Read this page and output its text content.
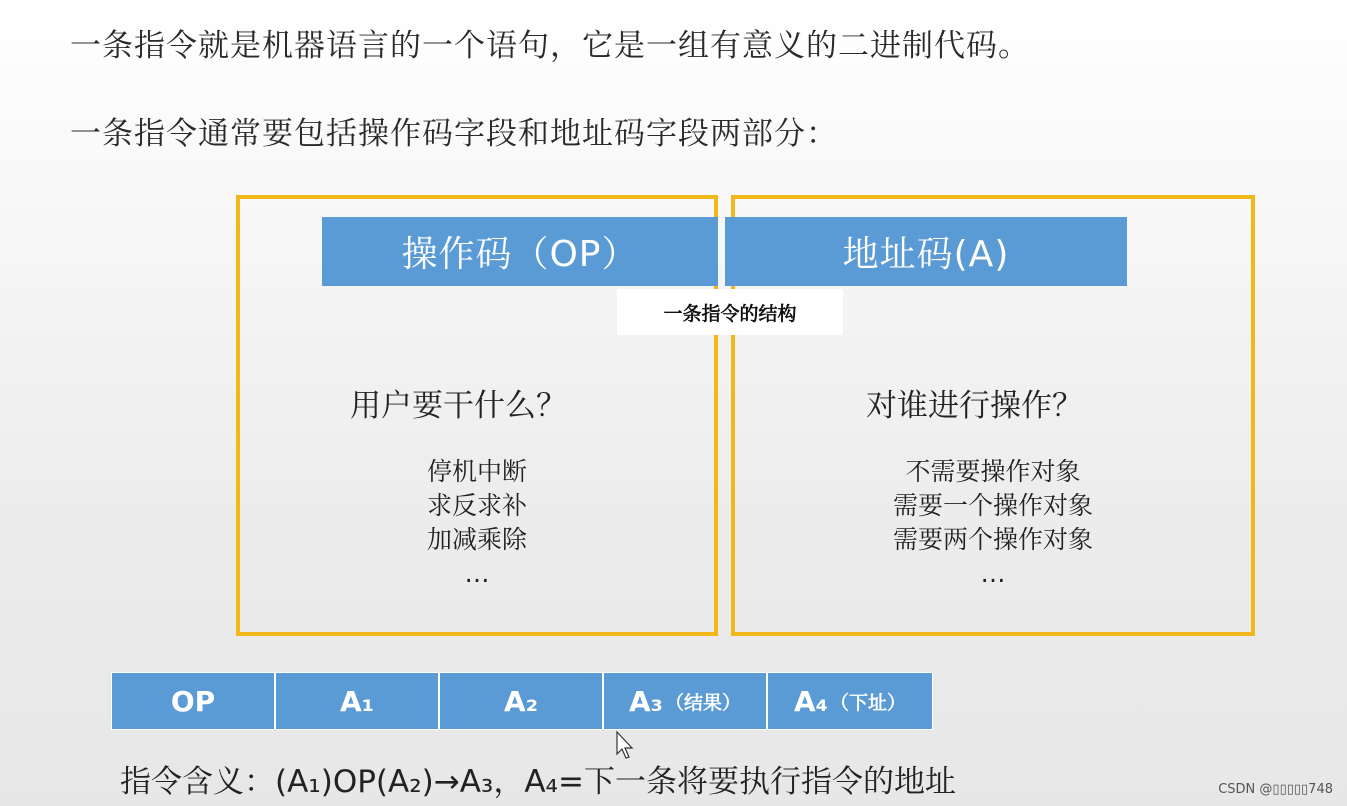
一条指令就是机器语言的一个语句，它是一组有意义的二进制代码。
一条指令通常要包括操作码字段和地址码字段两部分：
操作码（OP）	地址码(A)
一条指令的结构
用户要干什么？	对谁进行操作？
停机中断
求反求补
加减乘除
…
不需要操作对象
需要一个操作对象
需要两个操作对象
…
OP	A₁	A₂	A₃ （结果） A₄ （下址）
指令含义：(A₁)OP(A₂)→A₃，A₄=下一条将要执行指令的地址	CSDN @▯▯▯▯▯748
